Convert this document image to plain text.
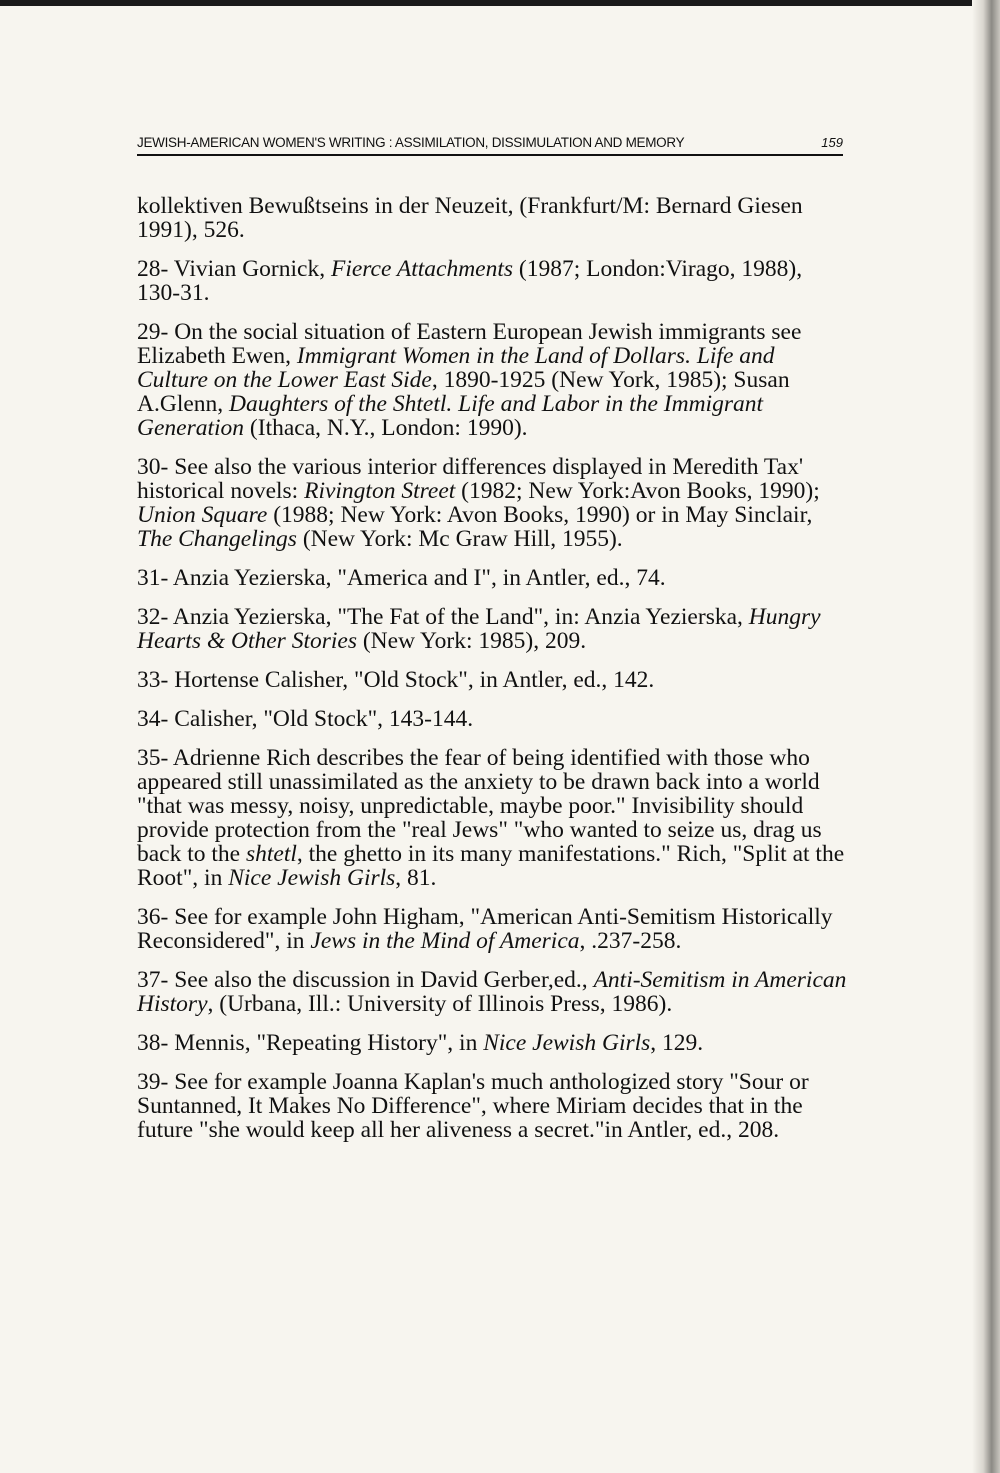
JEWISH-AMERICAN WOMEN'S WRITING : ASSIMILATION, DISSIMULATION AND MEMORY	159

kollektiven Bewußtseins in der Neuzeit, (Frankfurt/M: Bernard Giesen 1991), 526.

28- Vivian Gornick, Fierce Attachments (1987; London:Virago, 1988), 130-31.

29- On the social situation of Eastern European Jewish immigrants see Elizabeth Ewen, Immigrant Women in the Land of Dollars. Life and Culture on the Lower East Side, 1890-1925 (New York, 1985); Susan A.Glenn, Daughters of the Shtetl. Life and Labor in the Immigrant Generation (Ithaca, N.Y., London: 1990).

30- See also the various interior differences displayed in Meredith Tax' historical novels: Rivington Street (1982; New York:Avon Books, 1990); Union Square (1988; New York: Avon Books, 1990) or in May Sinclair, The Changelings (New York: Mc Graw Hill, 1955).

31- Anzia Yezierska, "America and I", in Antler, ed., 74.

32- Anzia Yezierska, "The Fat of the Land", in: Anzia Yezierska, Hungry Hearts & Other Stories (New York: 1985), 209.

33- Hortense Calisher, "Old Stock", in Antler, ed., 142.

34- Calisher, "Old Stock", 143-144.

35- Adrienne Rich describes the fear of being identified with those who appeared still unassimilated as the anxiety to be drawn back into a world "that was messy, noisy, unpredictable, maybe poor." Invisibility should provide protection from the "real Jews" "who wanted to seize us, drag us back to the shtetl, the ghetto in its many manifestations." Rich, "Split at the Root", in Nice Jewish Girls, 81.

36- See for example John Higham, "American Anti-Semitism Historically Reconsidered", in Jews in the Mind of America, .237-258.

37- See also the discussion in David Gerber,ed., Anti-Semitism in American History, (Urbana, Ill.: University of Illinois Press, 1986).

38- Mennis, "Repeating History", in Nice Jewish Girls, 129.

39- See for example Joanna Kaplan's much anthologized story "Sour or Suntanned, It Makes No Difference", where Miriam decides that in the future "she would keep all her aliveness a secret."in Antler, ed., 208.
